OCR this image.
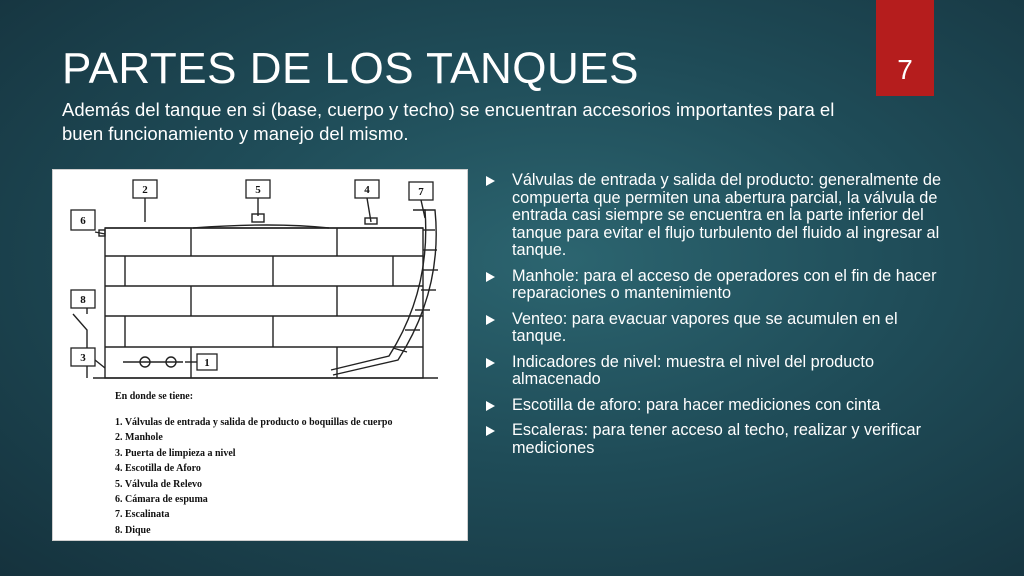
PARTES DE LOS TANQUES

Además del tanque en si (base, cuerpo y techo) se encuentran accesorios importantes para el buen funcionamiento y manejo del mismo.

7
2	5	4	7
6
8
3	1

En donde se tiene:

1. Válvulas de entrada y salida de producto o boquillas de cuerpo
2. Manhole
3. Puerta de limpieza a nivel
4. Escotilla de Aforo
5. Válvula de Relevo
6. Cámara de espuma
7. Escalinata
8. Dique
Válvulas de entrada y salida del producto: generalmente de compuerta que permiten una abertura parcial, la válvula de entrada casi siempre se encuentra en la parte inferior del tanque para evitar el flujo turbulento del fluido al ingresar al tanque.
Manhole: para el acceso de operadores con el fin de hacer reparaciones o mantenimiento
Venteo: para evacuar vapores que se acumulen en el tanque.
Indicadores de nivel: muestra el nivel del producto almacenado
Escotilla de aforo: para hacer mediciones con cinta
Escaleras: para tener acceso al techo, realizar y verificar mediciones
